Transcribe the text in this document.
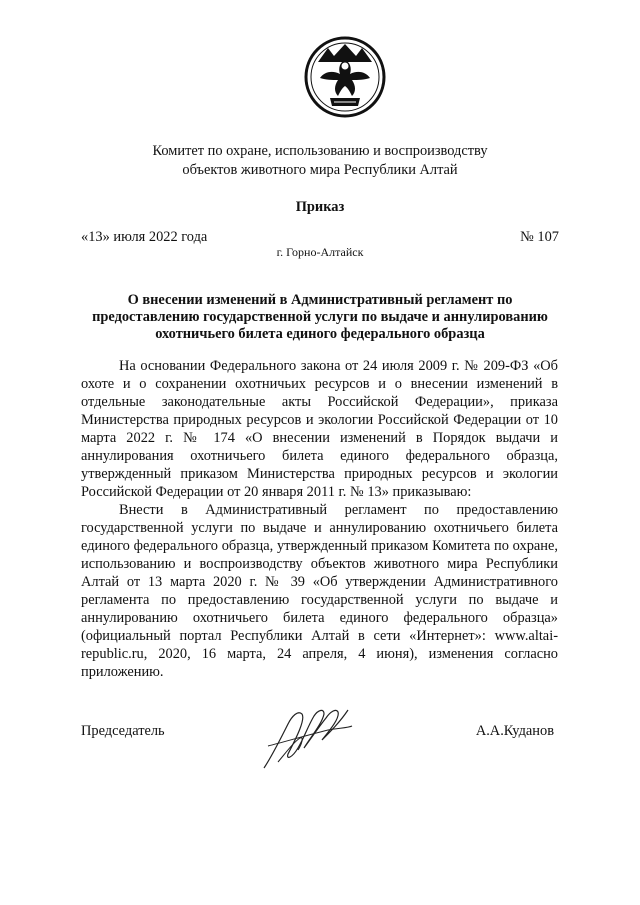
Комитет по охране, использованию и воспроизводству
объектов животного мира Республики Алтай
Приказ
«13» июля 2022 года	№ 107
г. Горно-Алтайск
О внесении изменений в Административный регламент по
предоставлению государственной услуги по выдаче и аннулированию
охотничьего билета единого федерального образца

На основании Федерального закона от 24 июля 2009 г. № 209-ФЗ «Об охоте и о сохранении охотничьих ресурсов и о внесении изменений в отдельные законодательные акты Российской Федерации», приказа Министерства природных ресурсов и экологии Российской Федерации от 10 марта 2022 г. № 174 «О внесении изменений в Порядок выдачи и аннулирования охотничьего билета единого федерального образца, утвержденный приказом Министерства природных ресурсов и экологии Российской Федерации от 20 января 2011 г. № 13» приказываю:

Внести в Административный регламент по предоставлению государственной услуги по выдаче и аннулированию охотничьего билета единого федерального образца, утвержденный приказом Комитета по охране, использованию и воспроизводству объектов животного мира Республики Алтай от 13 марта 2020 г. № 39 «Об утверждении Административного регламента по предоставлению государственной услуги по выдаче и аннулированию охотничьего билета единого федерального образца» (официальный портал Республики Алтай в сети «Интернет»: www.altai-republic.ru, 2020, 16 марта, 24 апреля, 4 июня), изменения согласно приложению.

Председатель	А.А.Куданов
